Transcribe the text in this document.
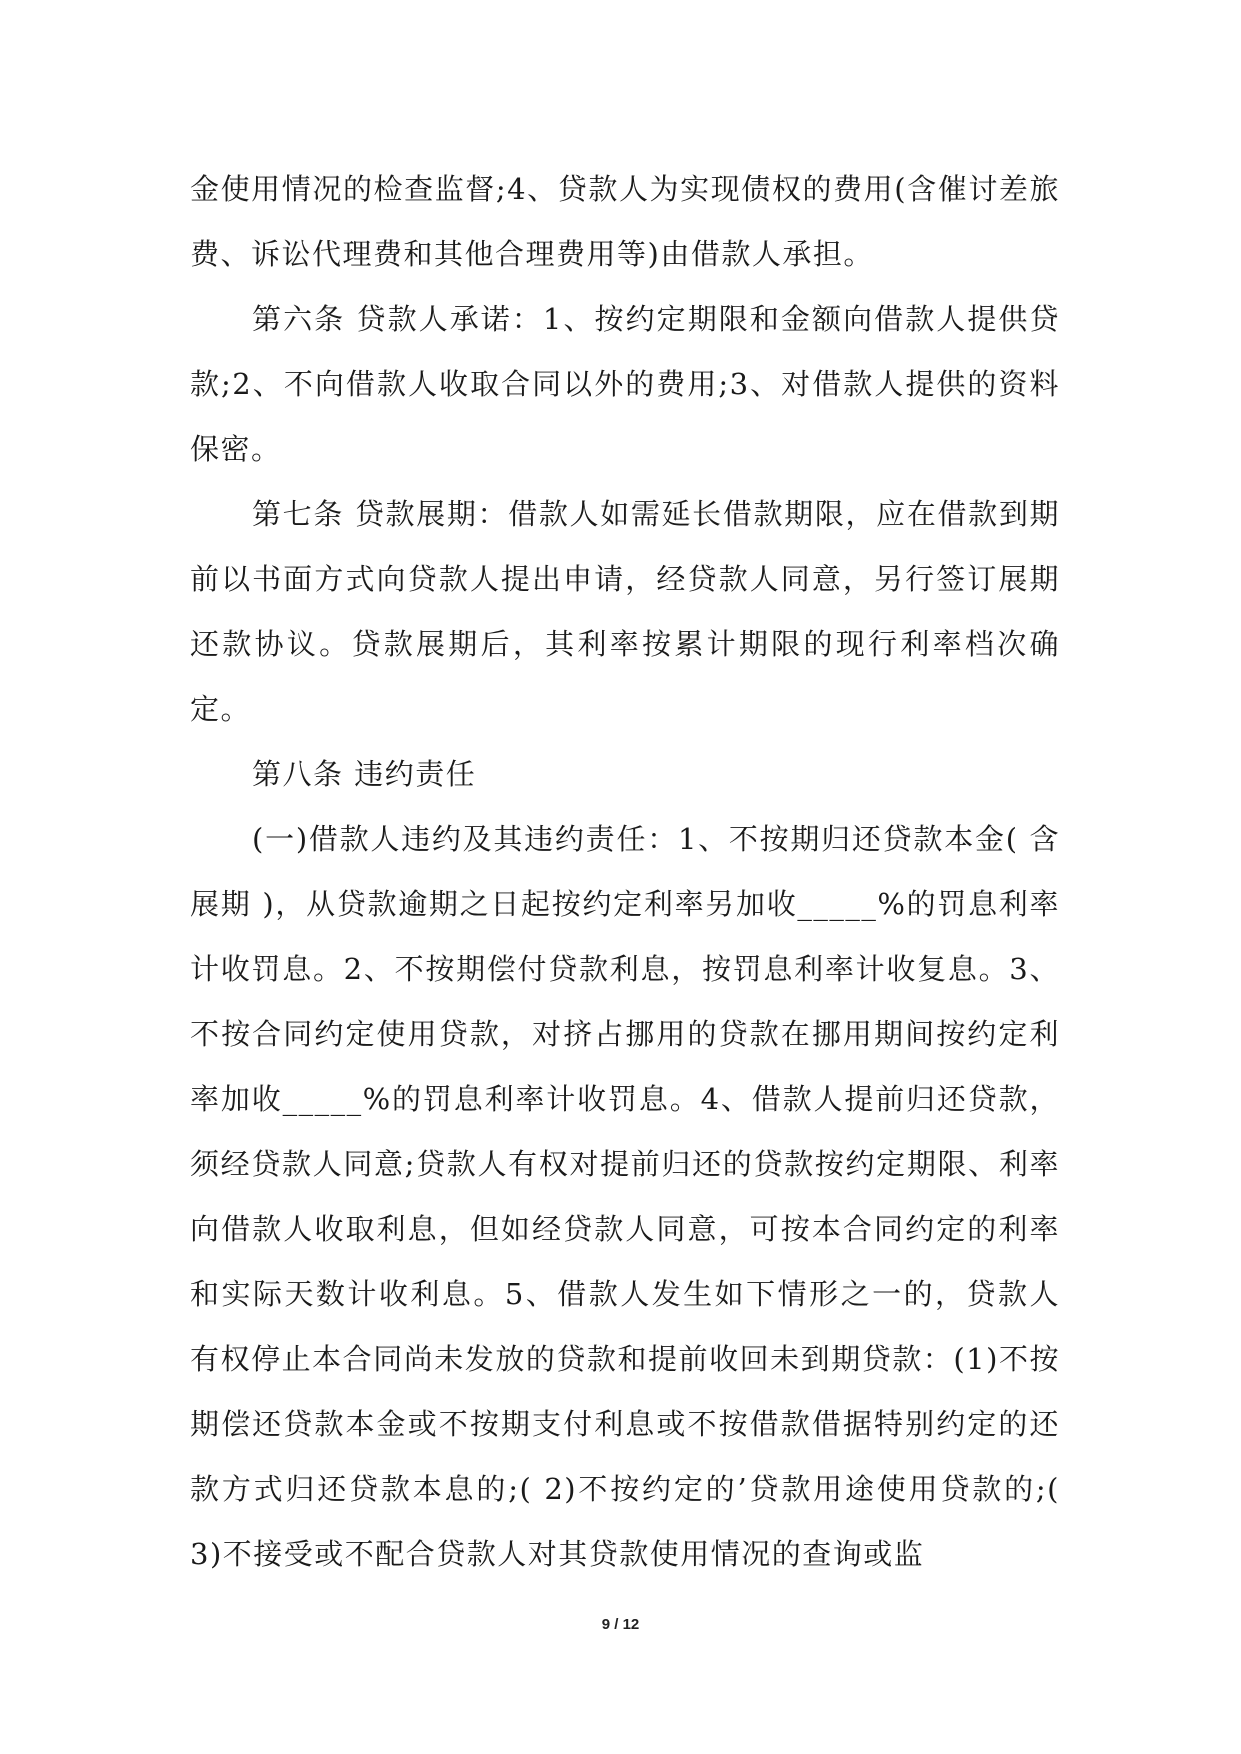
金使用情况的检查监督;4、贷款人为实现债权的费用(含催讨差旅费、诉讼代理费和其他合理费用等)由借款人承担。

第六条 贷款人承诺：1、按约定期限和金额向借款人提供贷款;2、不向借款人收取合同以外的费用;3、对借款人提供的资料保密。

第七条 贷款展期：借款人如需延长借款期限，应在借款到期前以书面方式向贷款人提出申请，经贷款人同意，另行签订展期还款协议。贷款展期后，其利率按累计期限的现行利率档次确定。

第八条 违约责任

(一)借款人违约及其违约责任：1、不按期归还贷款本金( 含展期 )，从贷款逾期之日起按约定利率另加收_____%的罚息利率计收罚息。2、不按期偿付贷款利息，按罚息利率计收复息。3、不按合同约定使用贷款，对挤占挪用的贷款在挪用期间按约定利率加收_____%的罚息利率计收罚息。4、借款人提前归还贷款，须经贷款人同意;贷款人有权对提前归还的贷款按约定期限、利率向借款人收取利息，但如经贷款人同意，可按本合同约定的利率和实际天数计收利息。5、借款人发生如下情形之一的，贷款人有权停止本合同尚未发放的贷款和提前收回未到期贷款：(1)不按期偿还贷款本金或不按期支付利息或不按借款借据特别约定的还款方式归还贷款本息的;( 2)不按约定的’贷款用途使用贷款的;( 3)不接受或不配合贷款人对其贷款使用情况的查询或监

9 / 12
